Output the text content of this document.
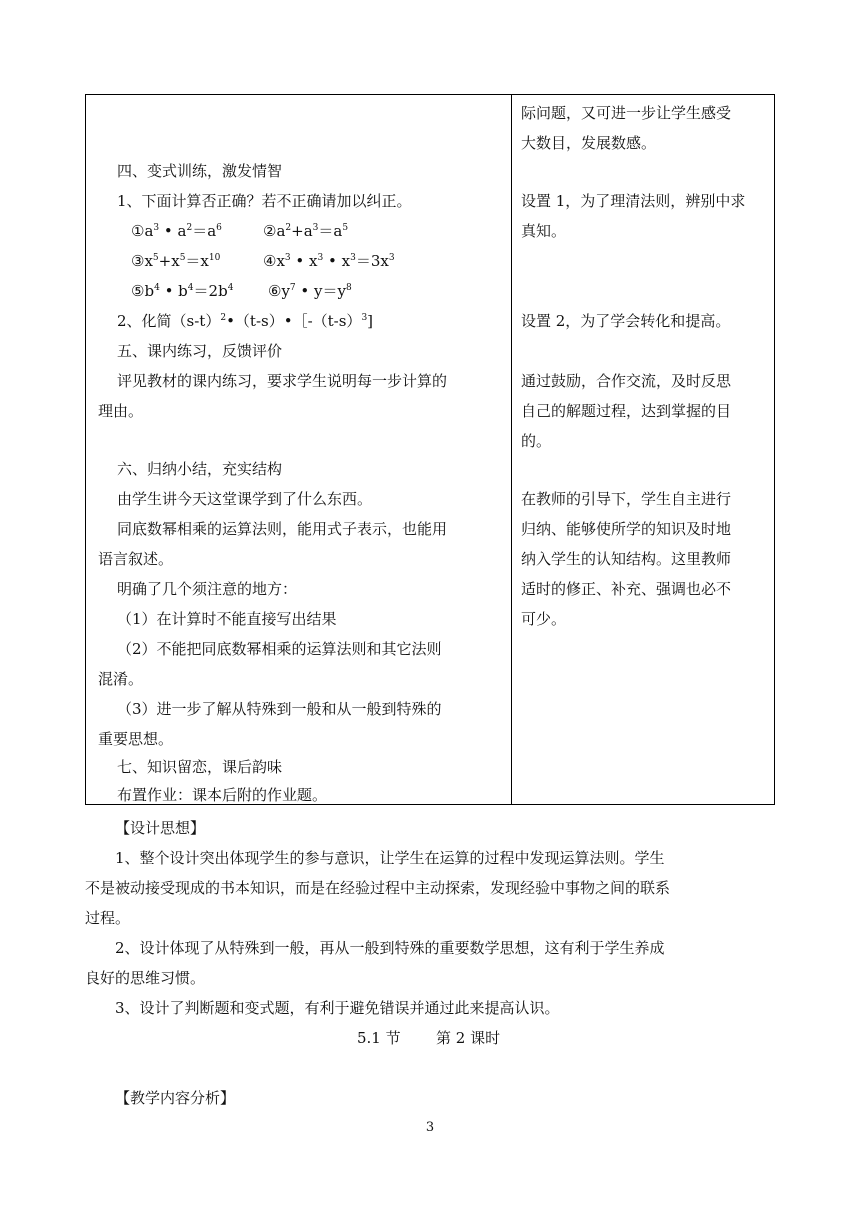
四、变式训练，激发情智
1、下面计算否正确？若不正确请加以纠正。
$①a^3$ • $a^2=a^6$	$②a^2+a^3=a^5$
$③x^5+x^5=x^{10}$	$④x^3$ • $x^3$ • $x^3=3x^3$
$⑤b^4$ • $b^4=2b^4$ $⑥y^7$ • $y=y^8$
2、化简$(s-t)^2•(t-s)•[-(t-s)^3$]
五、课内练习，反馈评价
评见教材的课内练习，要求学生说明每一步计算的
理由。
六、归纳小结，充实结构
由学生讲今天这堂课学到了什么东西。
同底数幂相乘的运算法则，能用式子表示，也能用
语言叙述。
明确了几个须注意的地方：
（1）在计算时不能直接写出结果
（2）不能把同底数幂相乘的运算法则和其它法则
混淆。
（3）进一步了解从特殊到一般和从一般到特殊的
重要思想。
七、知识留恋，课后韵味
布置作业：课本后附的作业题。
际问题，又可进一步让学生感受
大数目，发展数感。
设置 1，为了理清法则，辨别中求
真知。
设置 2，为了学会转化和提高。
通过鼓励，合作交流，及时反思
自己的解题过程，达到掌握的目
的。
在教师的引导下，学生自主进行
归纳、能够使所学的知识及时地
纳入学生的认知结构。这里教师
适时的修正、补充、强调也必不
可少。
【设计思想】
1、整个设计突出体现学生的参与意识，让学生在运算的过程中发现运算法则。学生
不是被动接受现成的书本知识，而是在经验过程中主动探索，发现经验中事物之间的联系
过程。
2、设计体现了从特殊到一般，再从一般到特殊的重要数学思想，这有利于学生养成
良好的思维习惯。
3、设计了判断题和变式题，有利于避免错误并通过此来提高认识。
5.1 节 第 2 课时
【教学内容分析】
3
